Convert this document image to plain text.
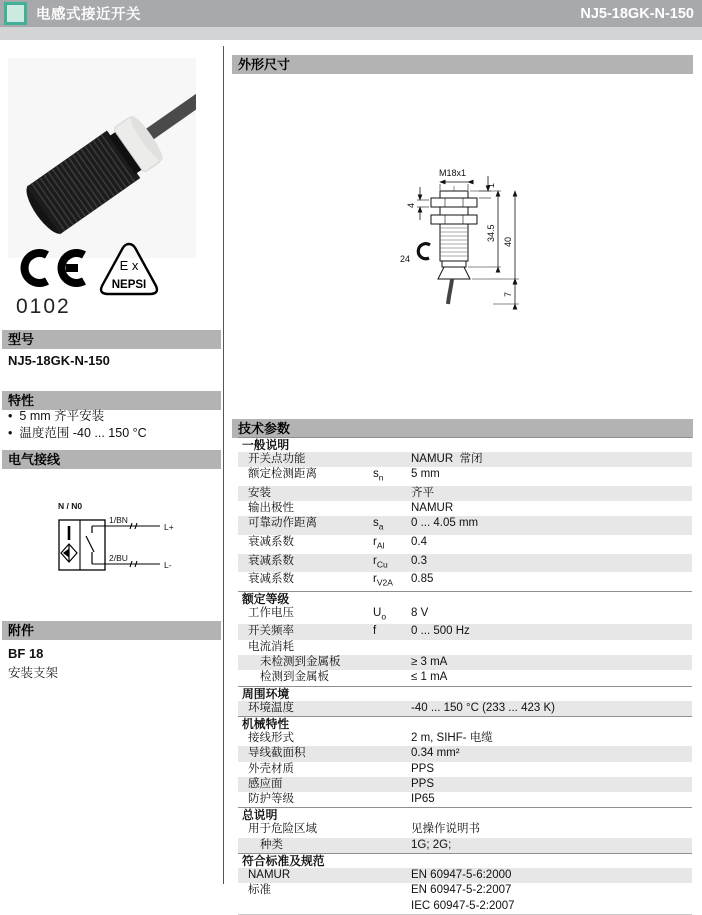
电感式接近开关	NJ5-18GK-N-150
0102
E x
NEPSI
型号
NJ5-18GK-N-150
特性
• 5 mm 齐平安装
• 温度范围 -40 ... 150 °C
电气接线
N / N0
1/BN
2/BU
L+
L-
附件
BF 18
安装支架
外形尺寸
M18x1
1
4
24
34.5 40
7
技术参数
一般说明
开关点功能	NAMUR  常闭
额定检测距离	$s_n$	5 mm
安装	齐平
输出极性	NAMUR
可靠动作距离	$s_a$	0 ... 4.05 mm
衰减系数	$r_{Al}$	0.4
衰减系数	$r_{Cu}$	0.3
衰减系数	$r_{V2A}$	0.85
额定等级
工作电压	$U_o$	8 V
开关频率	f	0 ... 500 Hz
电流消耗
未检测到金属板	≥ 3 mA
检测到金属板	≤ 1 mA
周围环境
环境温度	-40 ... 150 °C (233 ... 423 K)
机械特性
接线形式	2 m, SIHF- 电缆
导线截面积	0.34 mm²
外壳材质	PPS
感应面	PPS
防护等级	IP65
总说明
用于危险区域	见操作说明书
种类	1G; 2G;
符合标准及规范
NAMUR	EN 60947-5-6:2000
标准	EN 60947-5-2:2007
IEC 60947-5-2:2007
